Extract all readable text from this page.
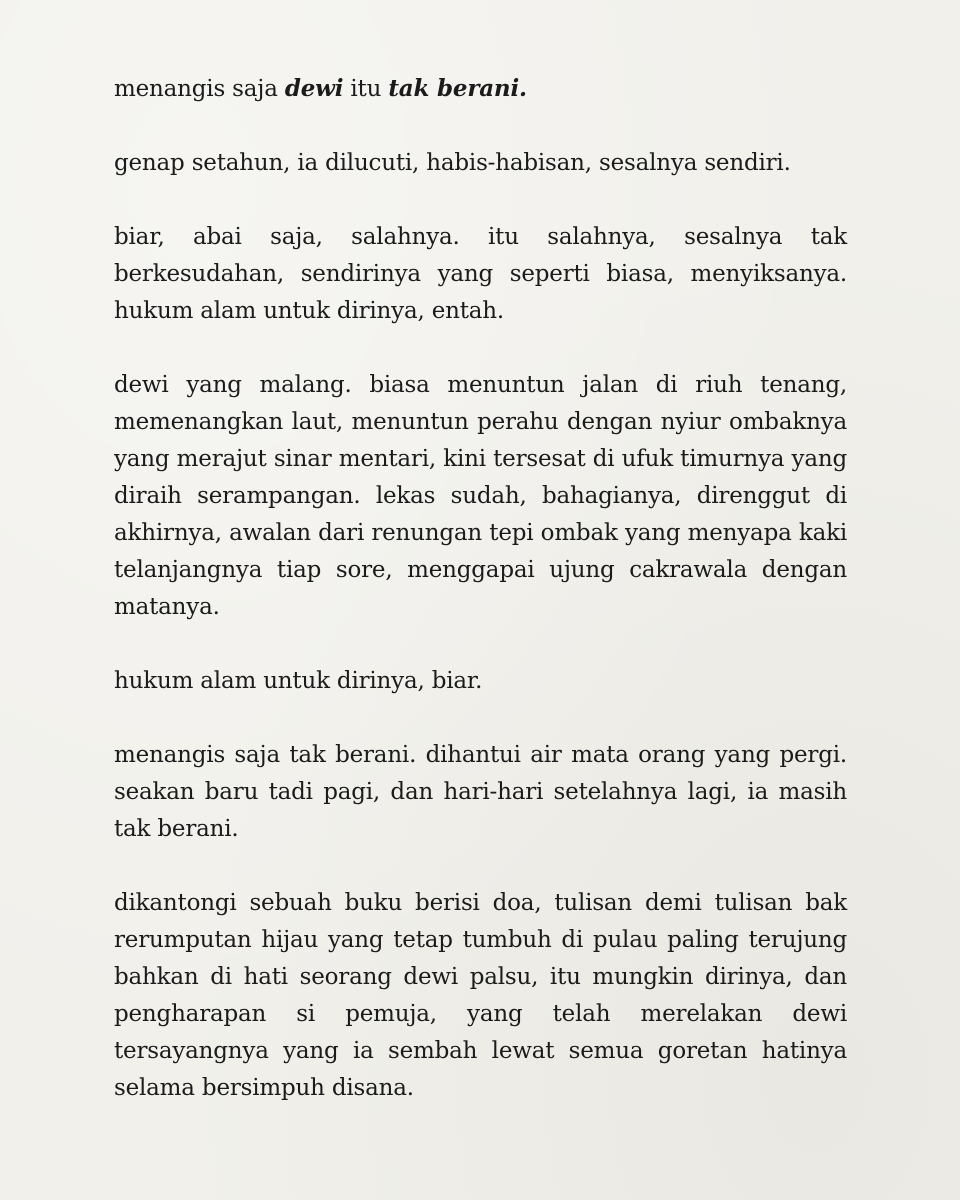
menangis saja dewi itu tak berani.

genap setahun, ia dilucuti, habis-habisan, sesalnya sendiri.

biar, abai saja, salahnya. itu salahnya, sesalnya tak berkesudahan, sendirinya yang seperti biasa, menyiksanya. hukum alam untuk dirinya, entah.

dewi yang malang. biasa menuntun jalan di riuh tenang, memenangkan laut, menuntun perahu dengan nyiur ombaknya yang merajut sinar mentari, kini tersesat di ufuk timurnya yang diraih serampangan. lekas sudah, bahagianya, direnggut di akhirnya, awalan dari renungan tepi ombak yang menyapa kaki telanjangnya tiap sore, menggapai ujung cakrawala dengan matanya.

hukum alam untuk dirinya, biar.

menangis saja tak berani. dihantui air mata orang yang pergi. seakan baru tadi pagi, dan hari-hari setelahnya lagi, ia masih tak berani.

dikantongi sebuah buku berisi doa, tulisan demi tulisan bak rerumputan hijau yang tetap tumbuh di pulau paling terujung bahkan di hati seorang dewi palsu, itu mungkin dirinya, dan pengharapan si pemuja, yang telah merelakan dewi tersayangnya yang ia sembah lewat semua goretan hatinya selama bersimpuh disana.
